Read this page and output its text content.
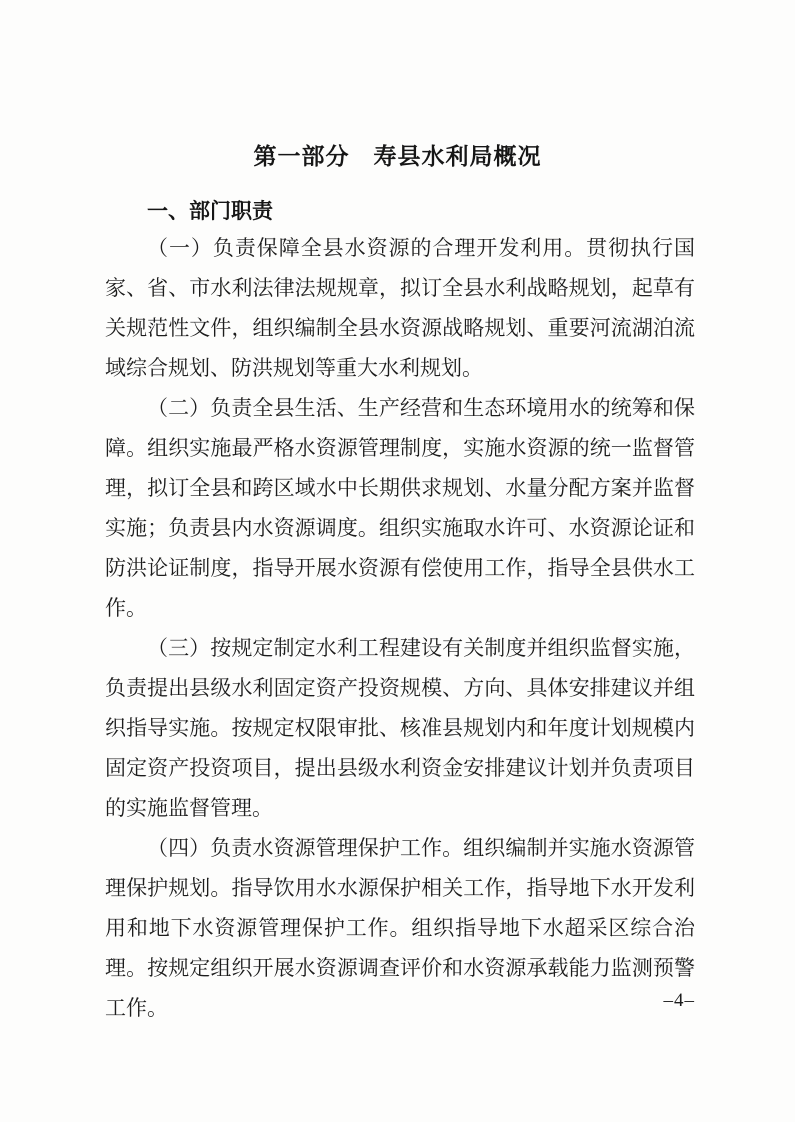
第一部分　寿县水利局概况
一、部门职责

（一）负责保障全县水资源的合理开发利用。贯彻执行国家、省、市水利法律法规规章，拟订全县水利战略规划，起草有关规范性文件，组织编制全县水资源战略规划、重要河流湖泊流域综合规划、防洪规划等重大水利规划。

（二）负责全县生活、生产经营和生态环境用水的统筹和保障。组织实施最严格水资源管理制度，实施水资源的统一监督管理，拟订全县和跨区域水中长期供求规划、水量分配方案并监督实施；负责县内水资源调度。组织实施取水许可、水资源论证和防洪论证制度，指导开展水资源有偿使用工作，指导全县供水工作。

（三）按规定制定水利工程建设有关制度并组织监督实施，负责提出县级水利固定资产投资规模、方向、具体安排建议并组织指导实施。按规定权限审批、核准县规划内和年度计划规模内固定资产投资项目，提出县级水利资金安排建议计划并负责项目的实施监督管理。

（四）负责水资源管理保护工作。组织编制并实施水资源管理保护规划。指导饮用水水源保护相关工作，指导地下水开发利用和地下水资源管理保护工作。组织指导地下水超采区综合治理。按规定组织开展水资源调查评价和水资源承载能力监测预警工作。	–4–
